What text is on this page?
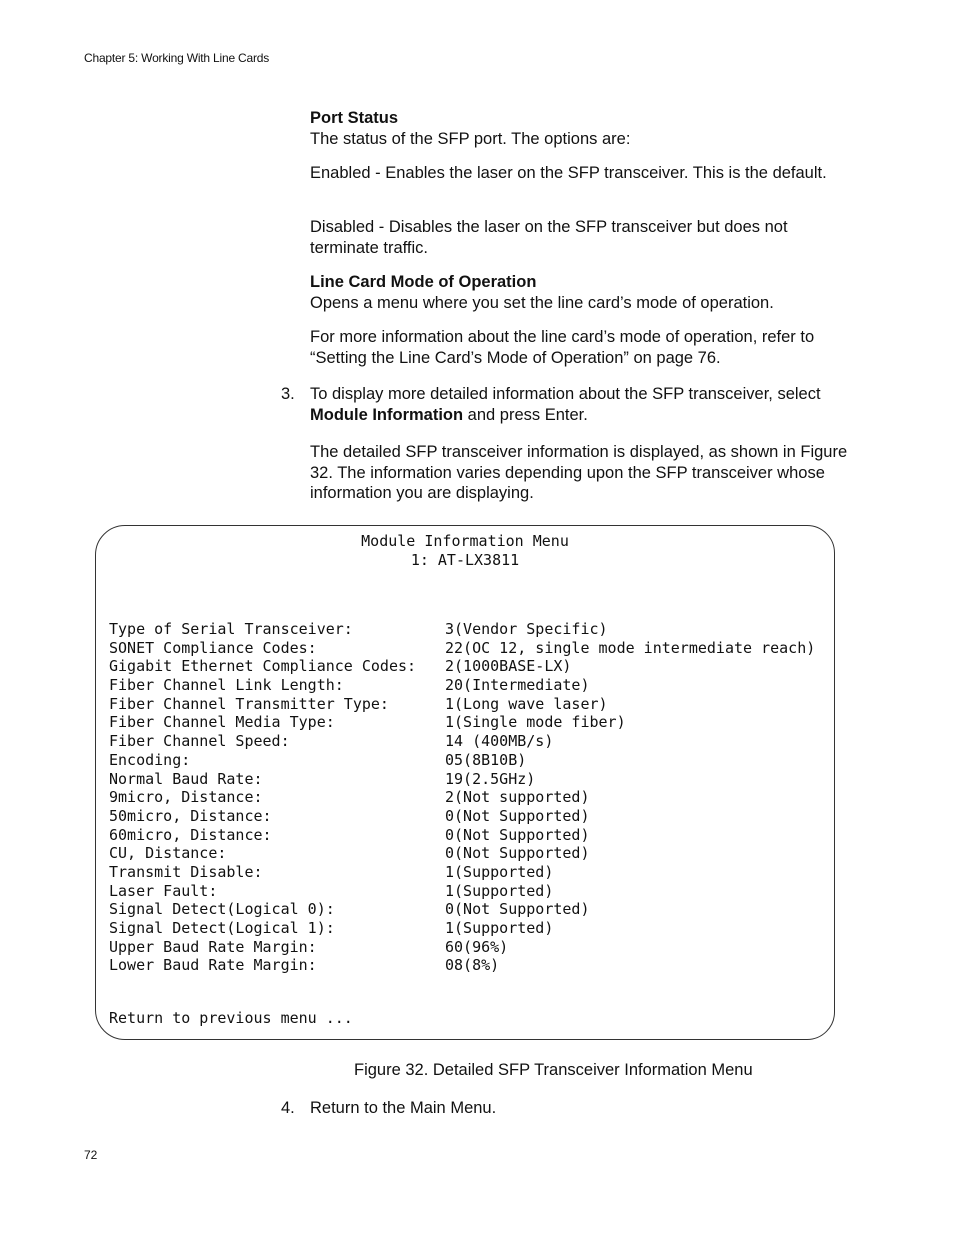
Chapter 5: Working With Line Cards
Port Status
The status of the SFP port. The options are:
Enabled - Enables the laser on the SFP transceiver. This is the default.
Disabled - Disables the laser on the SFP transceiver but does not terminate traffic.
Line Card Mode of Operation
Opens a menu where you set the line card’s mode of operation.
For more information about the line card’s mode of operation, refer to “Setting the Line Card’s Mode of Operation” on page 76.
3. To display more detailed information about the SFP transceiver, select
Module Information and press Enter.
The detailed SFP transceiver information is displayed, as shown in Figure 32. The information varies depending upon the SFP transceiver whose information you are displaying.
Module Information Menu
1: AT-LX3811
Type of Serial Transceiver:	3(Vendor Specific)
SONET Compliance Codes:	22(OC 12, single mode intermediate reach)
Gigabit Ethernet Compliance Codes: 2(1000BASE-LX)
Fiber Channel Link Length:	20(Intermediate)
Fiber Channel Transmitter Type:	1(Long wave laser)
Fiber Channel Media Type:	1(Single mode fiber)
Fiber Channel Speed:	14 (400MB/s)
Encoding:	05(8B10B)
Normal Baud Rate:	19(2.5GHz)
9micro, Distance:	2(Not supported)
50micro, Distance:	0(Not Supported)
60micro, Distance:	0(Not Supported)
CU, Distance:	0(Not Supported)
Transmit Disable:	1(Supported)
Laser Fault:	1(Supported)
Signal Detect(Logical 0):	0(Not Supported)
Signal Detect(Logical 1):	1(Supported)
Upper Baud Rate Margin:	60(96%)
Lower Baud Rate Margin:	08(8%)
Return to previous menu ...
Figure 32. Detailed SFP Transceiver Information Menu
4. Return to the Main Menu.
72
